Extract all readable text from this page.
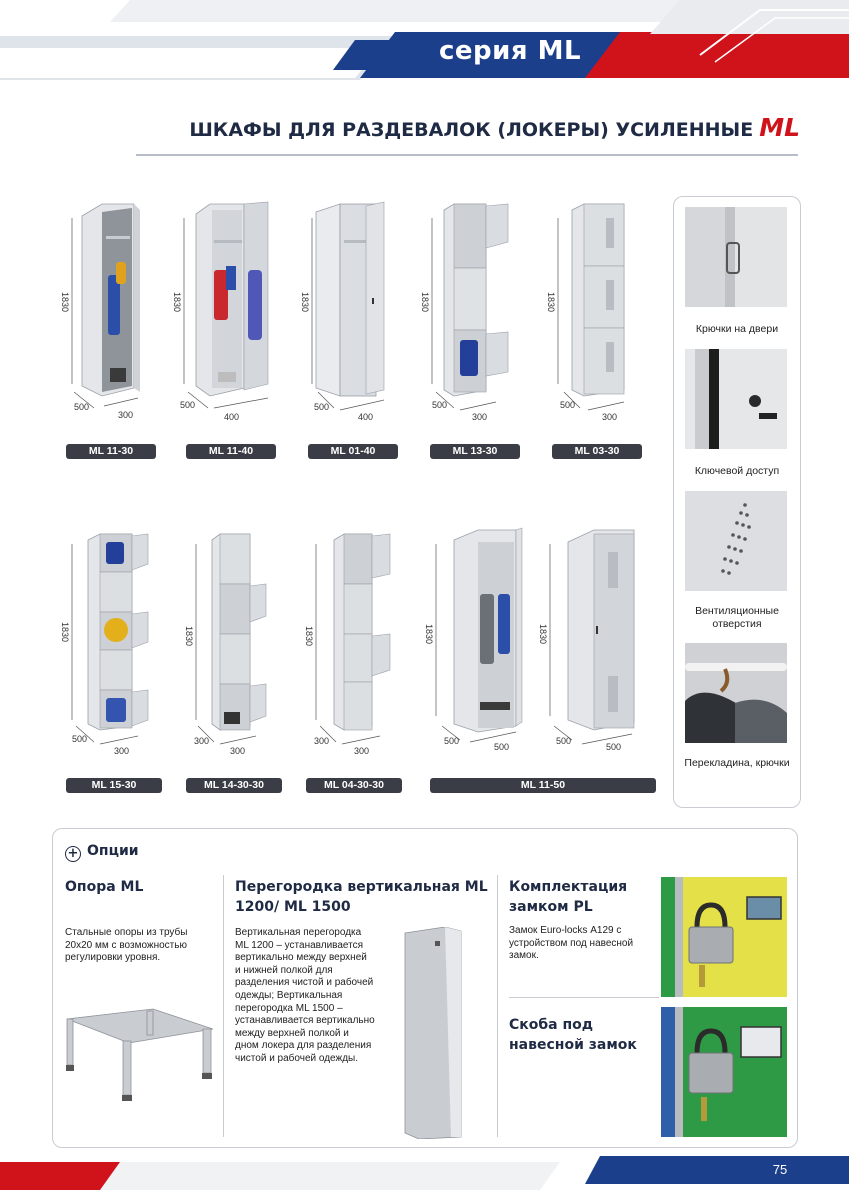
серия ML
ШКАФЫ ДЛЯ РАЗДЕВАЛОК (ЛОКЕРЫ) УСИЛЕННЫЕ ML
1830
500
300
ML 11-30
1830
500
400
ML 11-40
1830
500
400
ML 01-40
1830
500
300
ML 13-30
1830
500
300
ML 03-30
1830
500
300
ML 15-30
1830
300
300
ML 14-30-30
1830
300
300
ML 04-30-30
1830
500
500
1830
500
500
ML 11-50
Крючки на двери
Ключевой доступ
Вентиляционные отверстия
Перекладина, крючки
+ Опции
Опора ML
Стальные опоры из трубы 20х20 мм с возможностью регулировки уровня.
Перегородка вертикальная ML 1200/ ML 1500
Вертикальная перегородка ML 1200 – устанавливается вертикально между верхней и нижней полкой для разделения чистой и рабочей одежды; Вертикальная перегородка ML 1500 – устанавливается вертикально между верхней полкой и дном локера для разделения чистой и рабочей одежды.
Комплектация замком PL
Замок Euro-locks А129 с устройством под навесной замок.
Скоба под навесной замок
75
